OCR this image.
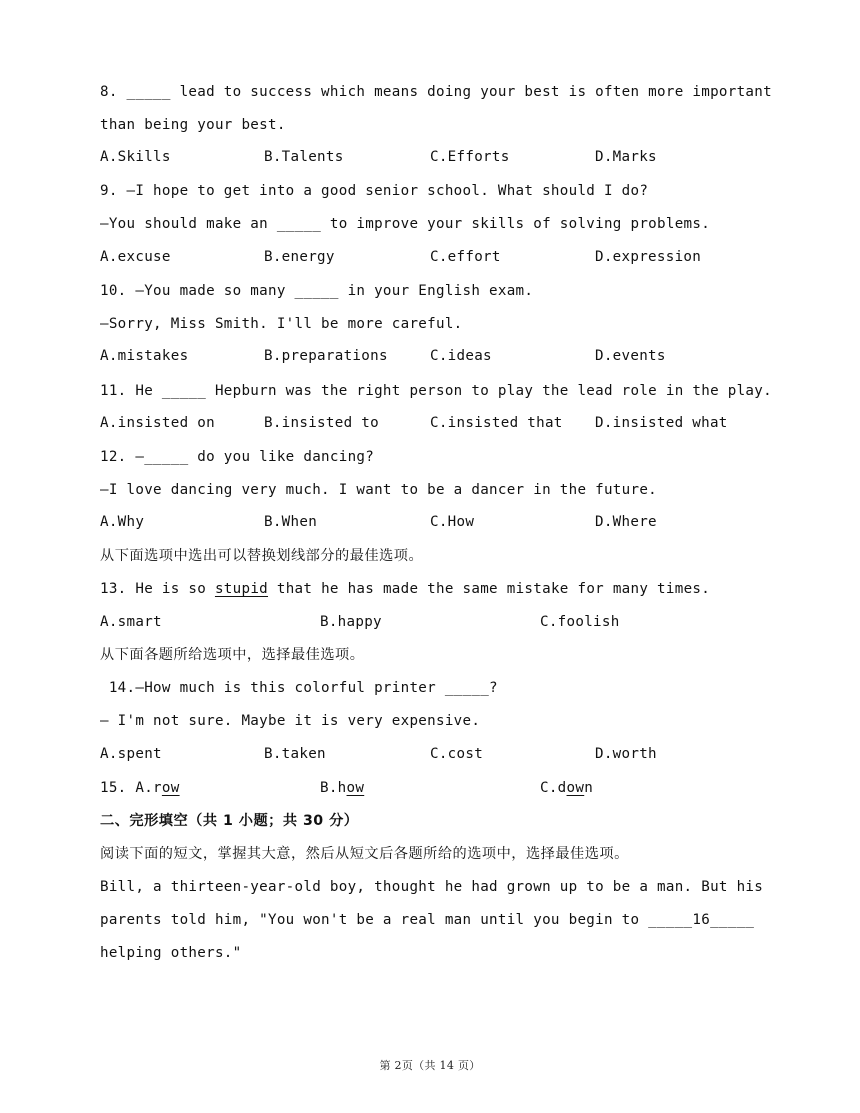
8. _____ lead to success which means doing your best is often more important
than being your best.
A.Skills	B.Talents	C.Efforts	D.Marks
9. —I hope to get into a good senior school. What should I do?
—You should make an _____ to improve your skills of solving problems.
A.excuse	B.energy	C.effort	D.expression
10. —You made so many _____ in your English exam.
—Sorry, Miss Smith. I'll be more careful.
A.mistakes	B.preparations	C.ideas	D.events
11. He _____ Hepburn was the right person to play the lead role in the play.
A.insisted on	B.insisted to	C.insisted that D.insisted what
12. —_____ do you like dancing?
—I love dancing very much. I want to be a dancer in the future.
A.Why	B.When	C.How	D.Where
从下面选项中选出可以替换划线部分的最佳选项。
13. He is so stupid that he has made the same mistake for many times.
A.smart	B.happy	C.foolish
从下面各题所给选项中，选择最佳选项。
14.—How much is this colorful printer _____?
— I'm not sure. Maybe it is very expensive.
A.spent	B.taken	C.cost	D.worth
15. A.row	B.how	C.down
二、完形填空（共 1 小题；共 30 分）
阅读下面的短文，掌握其大意，然后从短文后各题所给的选项中，选择最佳选项。
Bill, a thirteen-year-old boy, thought he had grown up to be a man. But his
parents told him, "You won't be a real man until you begin to _____16_____
helping others."
第 2页（共 14 页）
